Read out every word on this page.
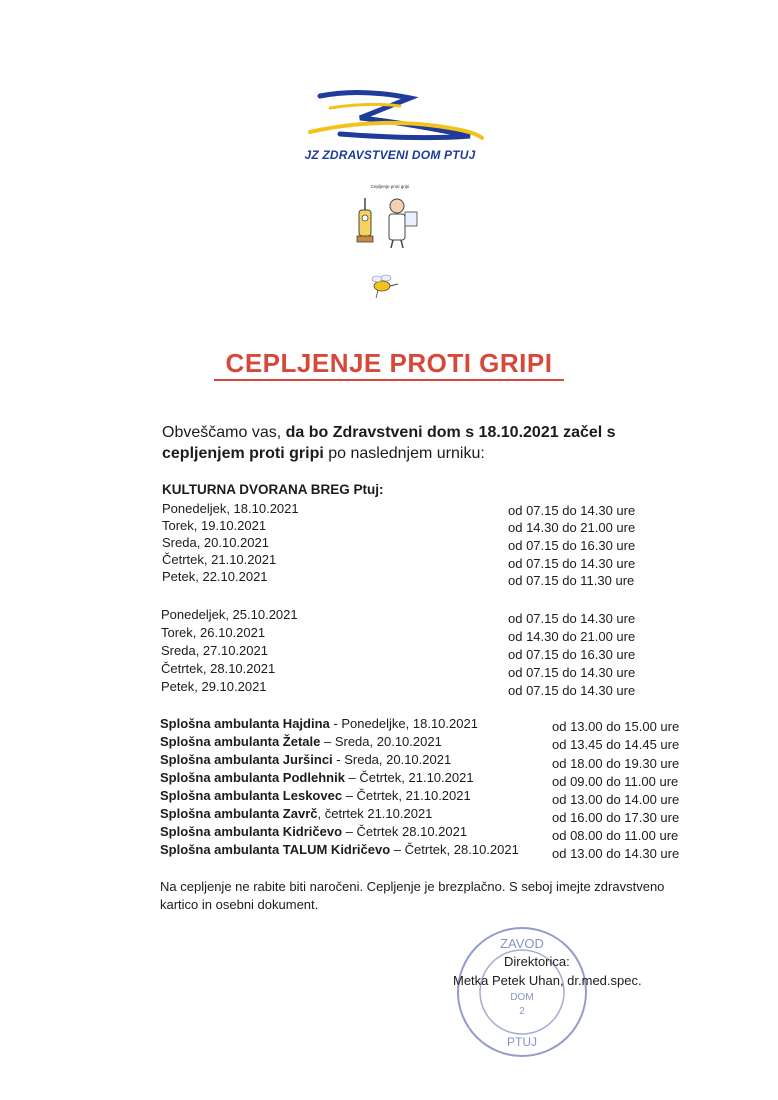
JZ ZDRAVSTVENI DOM PTUJ
Cepljenje proti gripi
CEPLJENJE PROTI GRIPI
Obveščamo vas, da bo Zdravstveni dom s 18.10.2021 začel s cepljenjem proti gripi po naslednjem urniku:
KULTURNA DVORANA BREG Ptuj:
Ponedeljek, 18.10.2021	od 07.15 do 14.30 ure
Torek, 19.10.2021	od 14.30 do 21.00 ure
Sreda, 20.10.2021	od 07.15 do 16.30 ure
Četrtek, 21.10.2021	od 07.15 do 14.30 ure
Petek, 22.10.2021	od 07.15 do 11.30 ure
Ponedeljek, 25.10.2021	od 07.15 do 14.30 ure
Torek, 26.10.2021	od 14.30 do 21.00 ure
Sreda, 27.10.2021	od 07.15 do 16.30 ure
Četrtek, 28.10.2021	od 07.15 do 14.30 ure
Petek, 29.10.2021	od 07.15 do 14.30 ure
Splošna ambulanta Hajdina - Ponedeljke, 18.10.2021	od 13.00 do 15.00 ure
Splošna ambulanta Žetale – Sreda, 20.10.2021	od 13.45 do 14.45 ure
Splošna ambulanta Juršinci - Sreda, 20.10.2021	od 18.00 do 19.30 ure
Splošna ambulanta Podlehnik – Četrtek, 21.10.2021	od 09.00 do 11.00 ure
Splošna ambulanta Leskovec – Četrtek, 21.10.2021	od 13.00 do 14.00 ure
Splošna ambulanta Zavrč, četrtek 21.10.2021	od 16.00 do 17.30 ure
Splošna ambulanta Kidričevo – Četrtek 28.10.2021	od 08.00 do 11.00 ure
Splošna ambulanta TALUM Kidričevo – Četrtek, 28.10.2021	od 13.00 do 14.30 ure
Na cepljenje ne rabite biti naročeni. Cepljenje je brezplačno. S seboj imejte zdravstveno kartico in osebni dokument.
ZAVOD
DOM
2
PTUJ
Direktorica:
Metka Petek Uhan, dr.med.spec.
